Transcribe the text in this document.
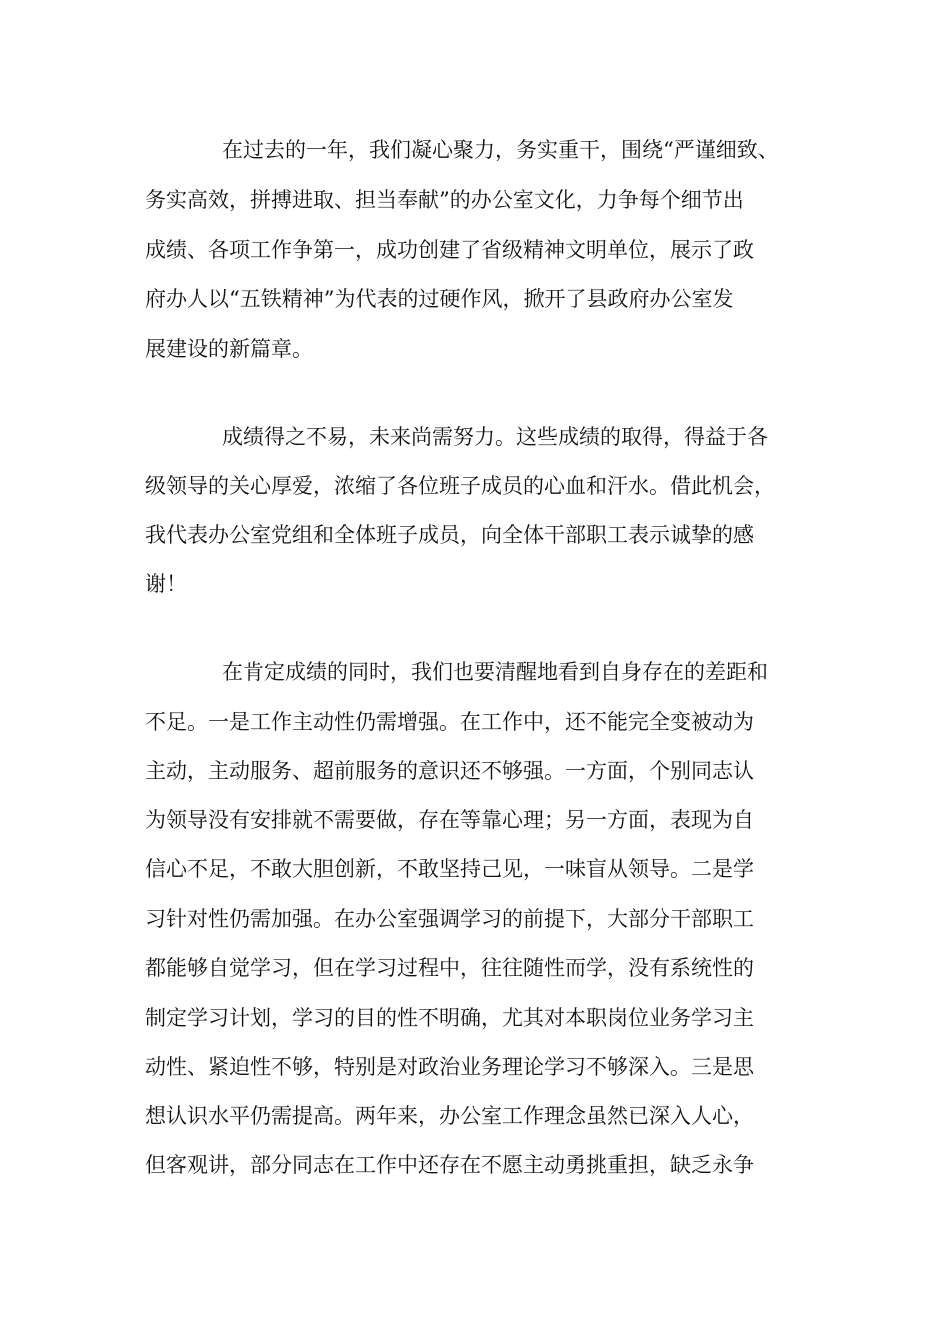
在过去的一年，我们凝心聚力，务实重干，围绕“严谨细致、
务实高效，拼搏进取、担当奉献”的办公室文化，力争每个细节出
成绩、各项工作争第一，成功创建了省级精神文明单位，展示了政
府办人以“五铁精神”为代表的过硬作风，掀开了县政府办公室发
展建设的新篇章。
成绩得之不易，未来尚需努力。这些成绩的取得，得益于各
级领导的关心厚爱，浓缩了各位班子成员的心血和汗水。借此机会，
我代表办公室党组和全体班子成员，向全体干部职工表示诚挚的感
谢！
在肯定成绩的同时，我们也要清醒地看到自身存在的差距和
不足。一是工作主动性仍需增强。在工作中，还不能完全变被动为
主动，主动服务、超前服务的意识还不够强。一方面，个别同志认
为领导没有安排就不需要做，存在等靠心理；另一方面，表现为自
信心不足，不敢大胆创新，不敢坚持己见，一味盲从领导。二是学
习针对性仍需加强。在办公室强调学习的前提下，大部分干部职工
都能够自觉学习，但在学习过程中，往往随性而学，没有系统性的
制定学习计划，学习的目的性不明确，尤其对本职岗位业务学习主
动性、紧迫性不够，特别是对政治业务理论学习不够深入。三是思
想认识水平仍需提高。两年来，办公室工作理念虽然已深入人心，
但客观讲，部分同志在工作中还存在不愿主动勇挑重担，缺乏永争
